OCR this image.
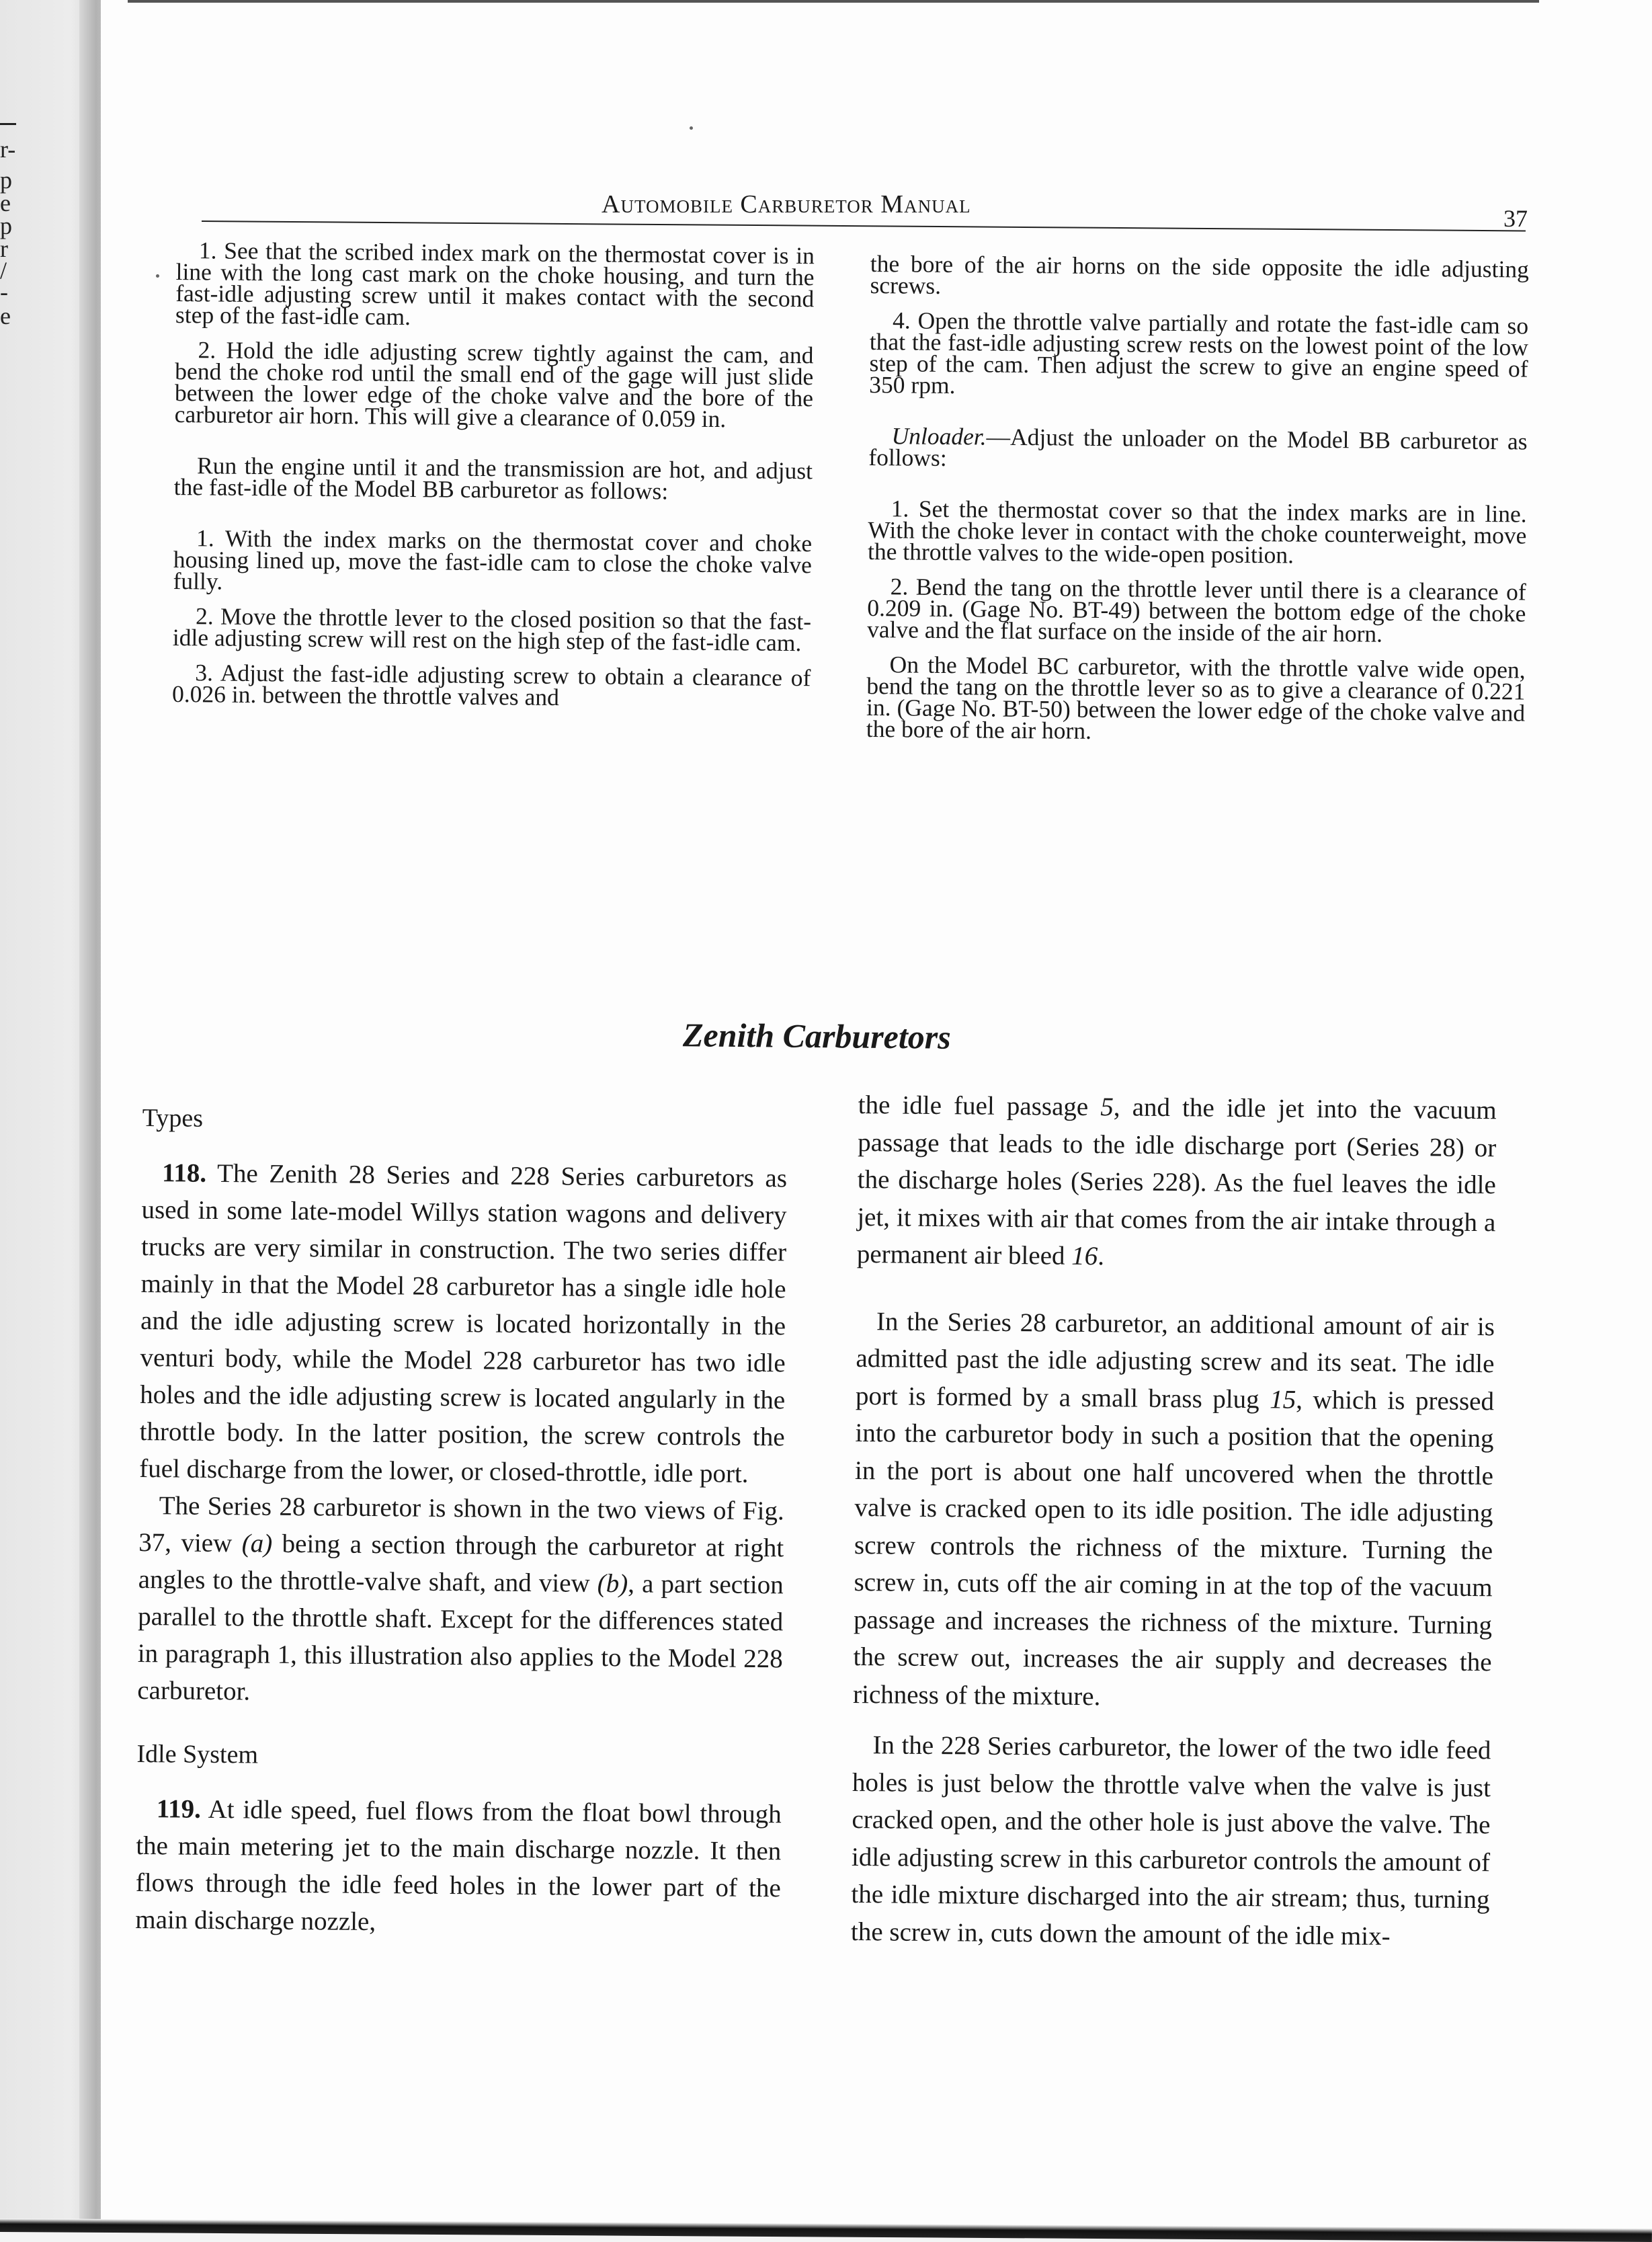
r-
p
e
p
r
/
-
e
Automobile Carburetor Manual	37

1. See that the scribed index mark on the thermostat cover is in line with the long cast mark on the choke housing, and turn the fast-idle adjusting screw until it makes contact with the second step of the fast-idle cam.

2. Hold the idle adjusting screw tightly against the cam, and bend the choke rod until the small end of the gage will just slide between the lower edge of the choke valve and the bore of the carburetor air horn. This will give a clearance of 0.059 in.

Run the engine until it and the transmission are hot, and adjust the fast-idle of the Model BB carburetor as follows:

1. With the index marks on the thermostat cover and choke housing lined up, move the fast-idle cam to close the choke valve fully.

2. Move the throttle lever to the closed position so that the fast-idle adjusting screw will rest on the high step of the fast-idle cam.

3. Adjust the fast-idle adjusting screw to obtain a clearance of 0.026 in. between the throttle valves and

the bore of the air horns on the side opposite the idle adjusting screws.

4. Open the throttle valve partially and rotate the fast-idle cam so that the fast-idle adjusting screw rests on the lowest point of the low step of the cam. Then adjust the screw to give an engine speed of 350 rpm.

Unloader.—Adjust the unloader on the Model BB carburetor as follows:

1. Set the thermostat cover so that the index marks are in line. With the choke lever in contact with the choke counterweight, move the throttle valves to the wide-open position.

2. Bend the tang on the throttle lever until there is a clearance of 0.209 in. (Gage No. BT-49) between the bottom edge of the choke valve and the flat surface on the inside of the air horn.

On the Model BC carburetor, with the throttle valve wide open, bend the tang on the throttle lever so as to give a clearance of 0.221 in. (Gage No. BT-50) between the lower edge of the choke valve and the bore of the air horn.

Zenith Carburetors
Types

118. The Zenith 28 Series and 228 Series carburetors as used in some late-model Willys station wagons and delivery trucks are very similar in construction. The two series differ mainly in that the Model 28 carburetor has a single idle hole and the idle adjusting screw is located horizontally in the venturi body, while the Model 228 carburetor has two idle holes and the idle adjusting screw is located angularly in the throttle body. In the latter position, the screw controls the fuel discharge from the lower, or closed-throttle, idle port.

The Series 28 carburetor is shown in the two views of Fig. 37, view (a) being a section through the carburetor at right angles to the throttle-valve shaft, and view (b), a part section parallel to the throttle shaft. Except for the differences stated in paragraph 1, this illustration also applies to the Model 228 carburetor.

Idle System

119. At idle speed, fuel flows from the float bowl through the main metering jet to the main discharge nozzle. It then flows through the idle feed holes in the lower part of the main discharge nozzle,

the idle fuel passage 5, and the idle jet into the vacuum passage that leads to the idle discharge port (Series 28) or the discharge holes (Series 228). As the fuel leaves the idle jet, it mixes with air that comes from the air intake through a permanent air bleed 16.

In the Series 28 carburetor, an additional amount of air is admitted past the idle adjusting screw and its seat. The idle port is formed by a small brass plug 15, which is pressed into the carburetor body in such a position that the opening in the port is about one half uncovered when the throttle valve is cracked open to its idle position. The idle adjusting screw controls the richness of the mixture. Turning the screw in, cuts off the air coming in at the top of the vacuum passage and increases the richness of the mixture. Turning the screw out, increases the air supply and decreases the richness of the mixture.

In the 228 Series carburetor, the lower of the two idle feed holes is just below the throttle valve when the valve is just cracked open, and the other hole is just above the valve. The idle adjusting screw in this carburetor controls the amount of the idle mixture discharged into the air stream; thus, turning the screw in, cuts down the amount of the idle mix-
